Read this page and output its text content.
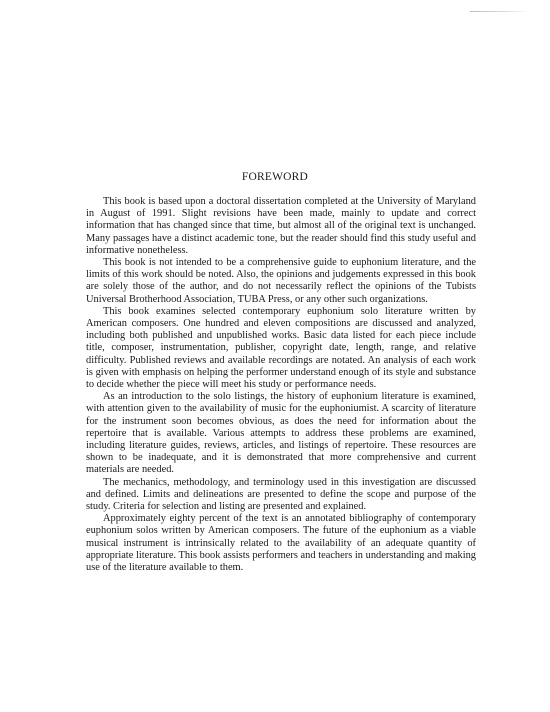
FOREWORD

This book is based upon a doctoral dissertation completed at the University of Maryland in August of 1991. Slight revisions have been made, mainly to update and correct information that has changed since that time, but almost all of the original text is unchanged. Many passages have a distinct academic tone, but the reader should find this study useful and informative nonetheless.

This book is not intended to be a comprehensive guide to euphonium literature, and the limits of this work should be noted. Also, the opinions and judgements expressed in this book are solely those of the author, and do not necessarily reflect the opinions of the Tubists Universal Brotherhood Association, TUBA Press, or any other such organizations.

This book examines selected contemporary euphonium solo literature written by American composers. One hundred and eleven compositions are discussed and analyzed, including both published and unpublished works. Basic data listed for each piece include title, composer, instrumentation, publisher, copyright date, length, range, and relative difficulty. Published reviews and available recordings are notated. An analysis of each work is given with emphasis on helping the performer understand enough of its style and substance to decide whether the piece will meet his study or performance needs.

As an introduction to the solo listings, the history of euphonium literature is examined, with attention given to the availability of music for the euphoniumist. A scarcity of literature for the instrument soon becomes obvious, as does the need for information about the repertoire that is available. Various attempts to address these problems are examined, including literature guides, reviews, articles, and listings of repertoire. These resources are shown to be inadequate, and it is demonstrated that more comprehensive and current materials are needed.

The mechanics, methodology, and terminology used in this investigation are discussed and defined. Limits and delineations are presented to define the scope and purpose of the study. Criteria for selection and listing are presented and explained.

Approximately eighty percent of the text is an annotated bibliography of contemporary euphonium solos written by American composers. The future of the euphonium as a viable musical instrument is intrinsically related to the availability of an adequate quantity of appropriate literature. This book assists performers and teachers in understanding and making use of the literature available to them.
